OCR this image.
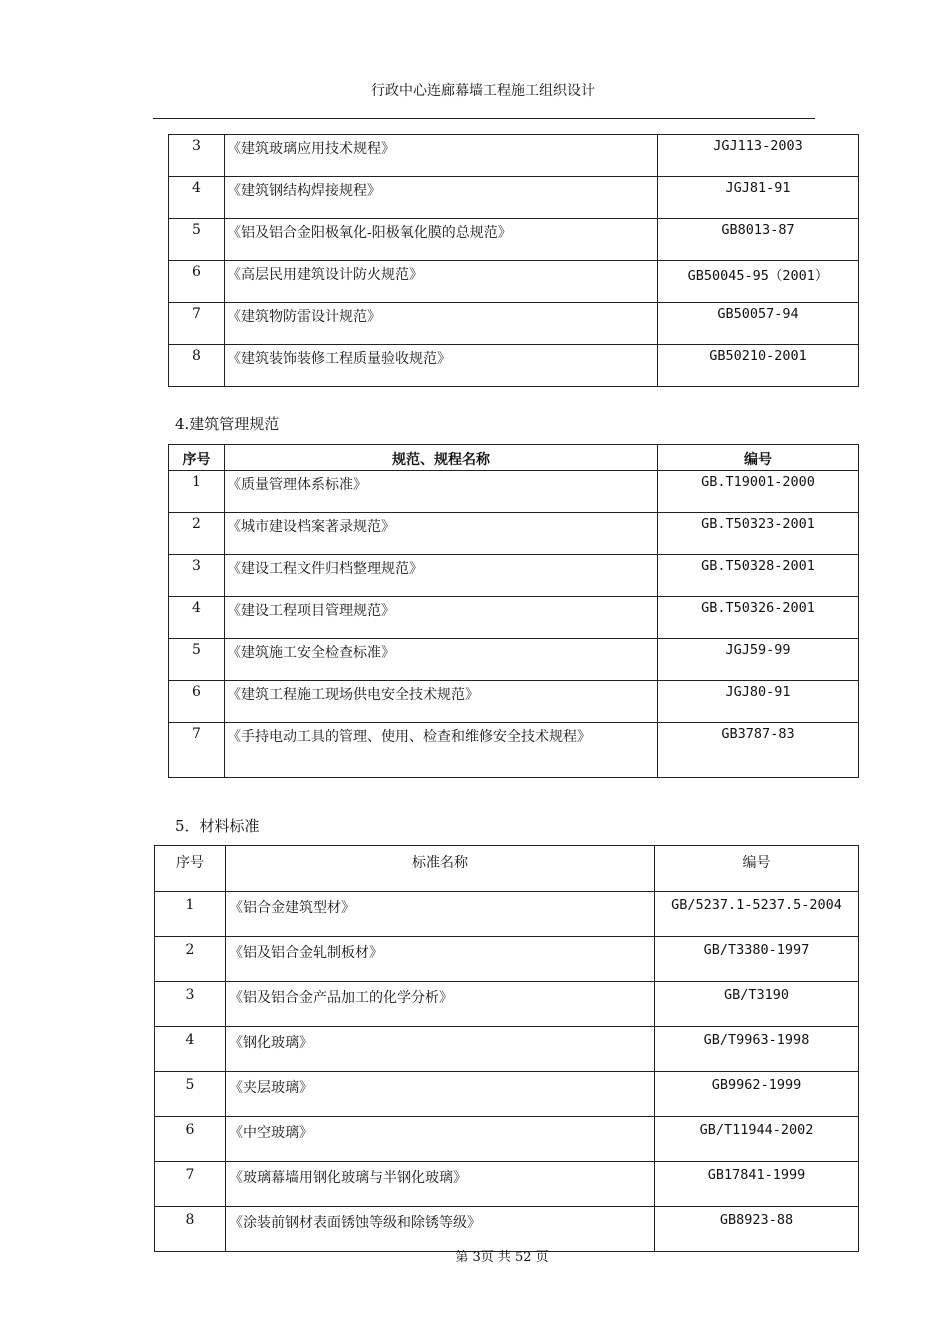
行政中心连廊幕墙工程施工组织设计
3	《建筑玻璃应用技术规程》	JGJ113-2003
4	《建筑钢结构焊接规程》	JGJ81-91
5	《铝及铝合金阳极氧化-阳极氧化膜的总规范》	GB8013-87
6	《高层民用建筑设计防火规范》	GB50045-95（2001）
7	《建筑物防雷设计规范》	GB50057-94
8	《建筑装饰装修工程质量验收规范》	GB50210-2001
4.建筑管理规范
序号	规范、规程名称	编号
1	《质量管理体系标准》	GB.T19001-2000
2	《城市建设档案著录规范》	GB.T50323-2001
3	《建设工程文件归档整理规范》	GB.T50328-2001
4	《建设工程项目管理规范》	GB.T50326-2001
5	《建筑施工安全检查标准》	JGJ59-99
6	《建筑工程施工现场供电安全技术规范》	JGJ80-91
7	《手持电动工具的管理、使用、检查和维修安全技术规程》	GB3787-83
5．材料标准
序号	标准名称	编号
1	《铝合金建筑型材》	GB/5237.1-5237.5-2004
2	《铝及铝合金轧制板材》	GB/T3380-1997
3	《铝及铝合金产品加工的化学分析》	GB/T3190
4	《钢化玻璃》	GB/T9963-1998
5	《夹层玻璃》	GB9962-1999
6	《中空玻璃》	GB/T11944-2002
7	《玻璃幕墙用钢化玻璃与半钢化玻璃》	GB17841-1999
8	《涂装前钢材表面锈蚀等级和除锈等级》	GB8923-88
第 3页 共 52 页
